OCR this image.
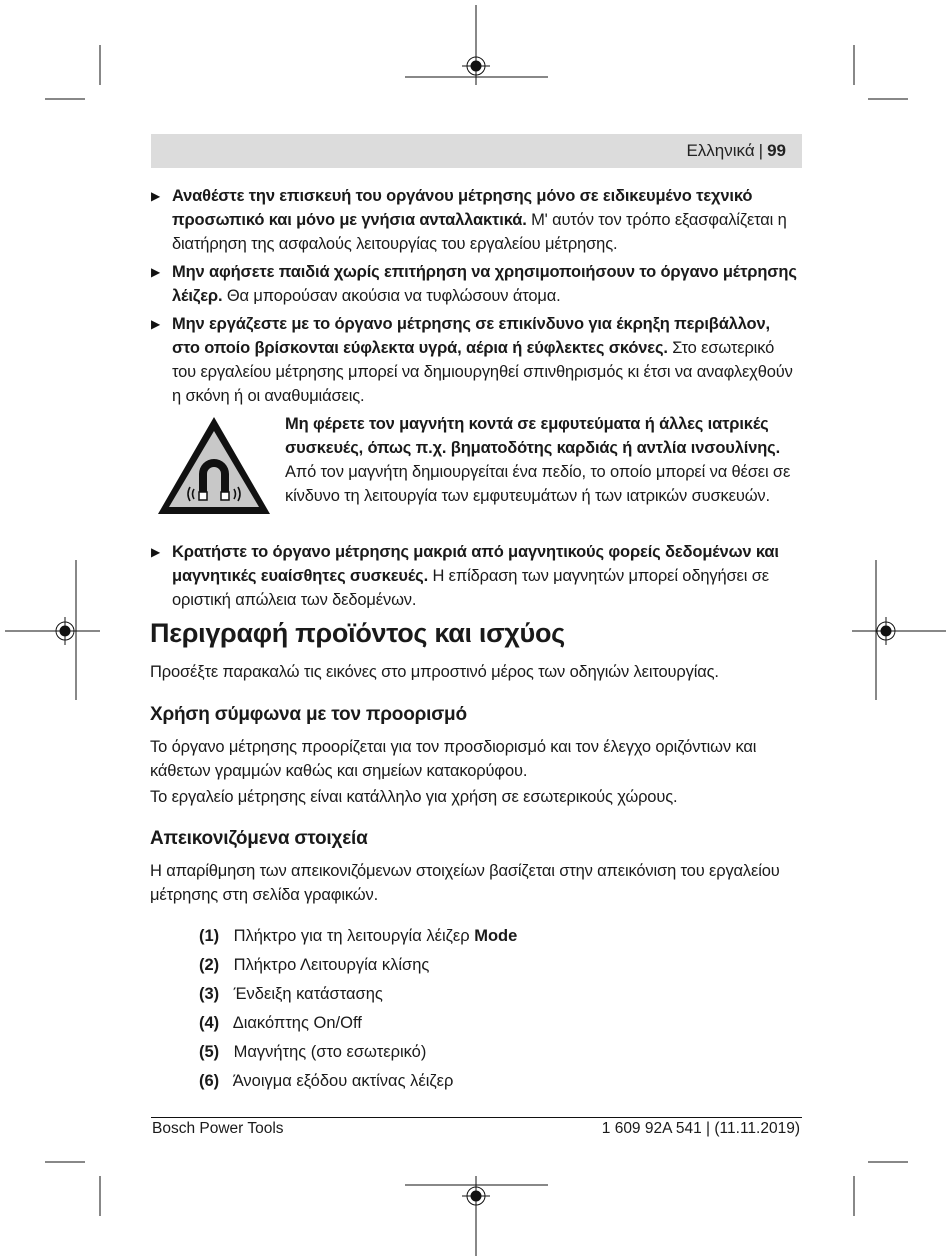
Ελληνικά | 99
▶ Αναθέστε την επισκευή του οργάνου μέτρησης μόνο σε ειδικευμένο τεχνικό προσωπικό και μόνο με γνήσια ανταλλακτικά. Μ' αυτόν τον τρόπο εξασφαλίζεται η διατήρηση της ασφαλούς λειτουργίας του εργαλείου μέτρησης.
▶ Μην αφήσετε παιδιά χωρίς επιτήρηση να χρησιμοποιήσουν το όργανο μέτρησης λέιζερ. Θα μπορούσαν ακούσια να τυφλώσουν άτομα.
▶ Μην εργάζεστε με το όργανο μέτρησης σε επικίνδυνο για έκρηξη περιβάλλον, στο οποίο βρίσκονται εύφλεκτα υγρά, αέρια ή εύφλεκτες σκόνες. Στο εσωτερικό του εργαλείου μέτρησης μπορεί να δημιουργηθεί σπινθηρισμός κι έτσι να αναφλεχθούν η σκόνη ή οι αναθυμιάσεις.
Μη φέρετε τον μαγνήτη κοντά σε εμφυτεύματα ή άλλες ιατρικές συσκευές, όπως π.χ. βηματοδότης καρδιάς ή αντλία ινσουλίνης. Από τον μαγνήτη δημιουργείται ένα πεδίο, το οποίο μπορεί να θέσει σε κίνδυνο τη λειτουργία των εμφυτευμάτων ή των ιατρικών συσκευών.
▶ Κρατήστε το όργανο μέτρησης μακριά από μαγνητικούς φορείς δεδομένων και μαγνητικές ευαίσθητες συσκευές. Η επίδραση των μαγνητών μπορεί οδηγήσει σε οριστική απώλεια των δεδομένων.
Περιγραφή προϊόντος και ισχύος
Προσέξτε παρακαλώ τις εικόνες στο μπροστινό μέρος των οδηγιών λειτουργίας.
Χρήση σύμφωνα με τον προορισμό
Το όργανο μέτρησης προορίζεται για τον προσδιορισμό και τον έλεγχο οριζόντιων και κάθετων γραμμών καθώς και σημείων κατακορύφου.
Το εργαλείο μέτρησης είναι κατάλληλο για χρήση σε εσωτερικούς χώρους.
Απεικονιζόμενα στοιχεία
Η απαρίθμηση των απεικονιζόμενων στοιχείων βασίζεται στην απεικόνιση του εργαλείου μέτρησης στη σελίδα γραφικών.
(1) Πλήκτρο για τη λειτουργία λέιζερ Mode
(2) Πλήκτρο Λειτουργία κλίσης
(3) Ένδειξη κατάστασης
(4) Διακόπτης On/Off
(5) Μαγνήτης (στο εσωτερικό)
(6) Άνοιγμα εξόδου ακτίνας λέιζερ
Bosch Power Tools	1 609 92A 541 | (11.11.2019)
